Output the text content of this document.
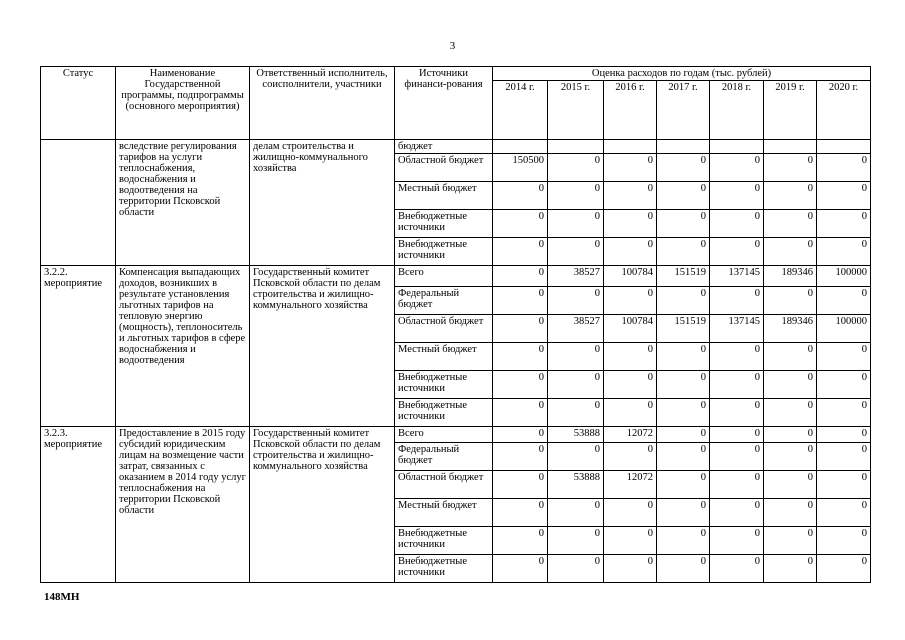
3
Статус	Наименование Государственной программы, подпрограммы (основного мероприятия)	Ответственный исполнитель, соисполнители, участники	Источники финанси-рования	Оценка расходов по годам (тыс. рублей)						
				2014 г.	2015 г.	2016 г.	2017 г.	2018 г.	2019 г.	2020 г.
	вследствие регулирования тарифов на услуги теплоснабжения, водоснабжения и водоотведения на территории Псковской области	делам строительства и жилищно-коммунального хозяйства	бюджет							
			Областной бюджет	150500	0	0	0	0	0	0
			Местный бюджет	0	0	0	0	0	0	0
			Внебюджетные источники	0	0	0	0	0	0	0
			Внебюджетные источники	0	0	0	0	0	0	0
3.2.2. мероприятие	Компенсация выпадающих доходов, возникших в результате установления льготных тарифов на тепловую энергию (мощность), теплоноситель и льготных тарифов в сфере водоснабжения и водоотведения	Государственный комитет Псковской области по делам строительства и жилищно-коммунального хозяйства	Всего	0	38527	100784	151519	137145	189346	100000
			Федеральный бюджет	0	0	0	0	0	0	0
			Областной бюджет	0	38527	100784	151519	137145	189346	100000
			Местный бюджет	0	0	0	0	0	0	0
			Внебюджетные источники	0	0	0	0	0	0	0
			Внебюджетные источники	0	0	0	0	0	0	0
3.2.3. мероприятие	Предоставление в 2015 году субсидий юридическим лицам на возмещение части затрат, связанных с оказанием в 2014 году услуг теплоснабжения на территории Псковской области	Государственный комитет Псковской области по делам строительства и жилищно-коммунального хозяйства	Всего	0	53888	12072	0	0	0	0
			Федеральный бюджет	0	0	0	0	0	0	0
			Областной бюджет	0	53888	12072	0	0	0	0
			Местный бюджет	0	0	0	0	0	0	0
			Внебюджетные источники	0	0	0	0	0	0	0
			Внебюджетные источники	0	0	0	0	0	0	0
148МН
